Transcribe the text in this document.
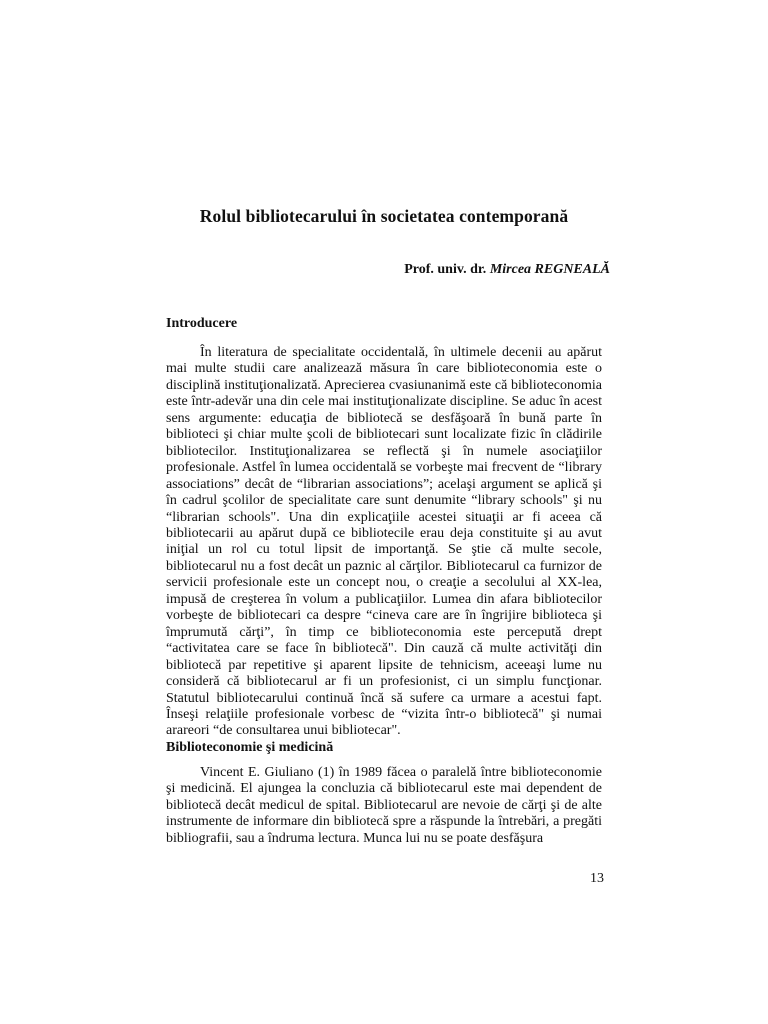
Rolul bibliotecarului în societatea contemporană
Prof. univ. dr. Mircea REGNEALĂ
Introducere

În literatura de specialitate occidentală, în ultimele decenii au apărut mai multe studii care analizează măsura în care biblioteconomia este o disciplină instituţionalizată. Aprecierea cvasiunanimă este că biblioteconomia este într-adevăr una din cele mai instituţionalizate discipline. Se aduc în acest sens argumente: educaţia de bibliotecă se desfăşoară în bună parte în biblioteci şi chiar multe şcoli de bibliotecari sunt localizate fizic în clădirile bibliotecilor. Instituţionalizarea se reflectă şi în numele asociaţiilor profesionale. Astfel în lumea occidentală se vorbeşte mai frecvent de “library associations” decât de “librarian associations”; acelaşi argument se aplică şi în cadrul şcolilor de specialitate care sunt denumite “library schools" şi nu “librarian schools". Una din explicaţiile acestei situaţii ar fi aceea că bibliotecarii au apărut după ce bibliotecile erau deja constituite şi au avut iniţial un rol cu totul lipsit de importanţă. Se ştie că multe secole, bibliotecarul nu a fost decât un paznic al cărţilor. Bibliotecarul ca furnizor de servicii profesionale este un concept nou, o creaţie a secolului al XX-lea, impusă de creşterea în volum a publicaţiilor. Lumea din afara bibliotecilor vorbeşte de bibliotecari ca despre “cineva care are în îngrijire biblioteca şi împrumută cărţi”, în timp ce biblioteconomia este percepută drept “activitatea care se face în bibliotecă". Din cauză că multe activităţi din bibliotecă par repetitive şi aparent lipsite de tehnicism, aceeaşi lume nu consideră că bibliotecarul ar fi un profesionist, ci un simplu funcţionar. Statutul bibliotecarului continuă încă să sufere ca urmare a acestui fapt. Înseşi relaţiile profesionale vorbesc de “vizita într-o bibliotecă" şi numai arareori “de consultarea unui bibliotecar".

Biblioteconomie şi medicină

Vincent E. Giuliano (1) în 1989 făcea o paralelă între biblioteconomie şi medicină. El ajungea la concluzia că bibliotecarul este mai dependent de bibliotecă decât medicul de spital. Bibliotecarul are nevoie de cărţi şi de alte instrumente de informare din bibliotecă spre a răspunde la întrebări, a pregăti bibliografii, sau a îndruma lectura. Munca lui nu se poate desfăşura

13
